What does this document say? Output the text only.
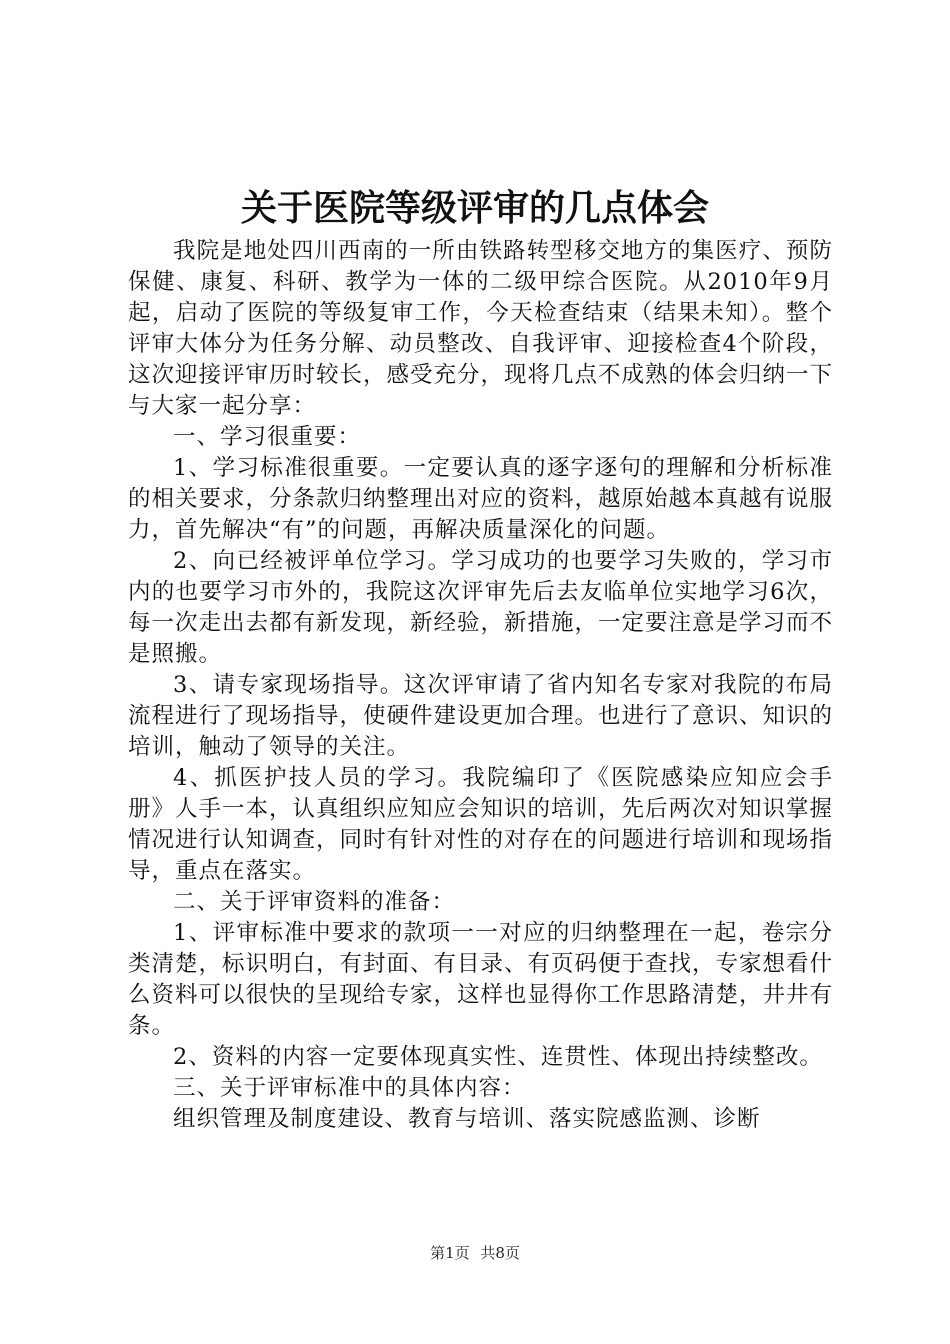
关于医院等级评审的几点体会

我院是地处四川西南的一所由铁路转型移交地方的集医疗、预防保健、康复、科研、教学为一体的二级甲综合医院。从2010年9月起，启动了医院的等级复审工作，今天检查结束（结果未知）。整个评审大体分为任务分解、动员整改、自我评审、迎接检查4个阶段，这次迎接评审历时较长，感受充分，现将几点不成熟的体会归纳一下与大家一起分享：

一、学习很重要：

1、学习标准很重要。一定要认真的逐字逐句的理解和分析标准的相关要求，分条款归纳整理出对应的资料，越原始越本真越有说服力，首先解决“有”的问题，再解决质量深化的问题。

2、向已经被评单位学习。学习成功的也要学习失败的，学习市内的也要学习市外的，我院这次评审先后去友临单位实地学习6次，每一次走出去都有新发现，新经验，新措施，一定要注意是学习而不是照搬。

3、请专家现场指导。这次评审请了省内知名专家对我院的布局流程进行了现场指导，使硬件建设更加合理。也进行了意识、知识的培训，触动了领导的关注。

4、抓医护技人员的学习。我院编印了《医院感染应知应会手册》人手一本，认真组织应知应会知识的培训，先后两次对知识掌握情况进行认知调查，同时有针对性的对存在的问题进行培训和现场指导，重点在落实。

二、关于评审资料的准备：

1、评审标准中要求的款项一一对应的归纳整理在一起，卷宗分类清楚，标识明白，有封面、有目录、有页码便于查找，专家想看什么资料可以很快的呈现给专家，这样也显得你工作思路清楚，井井有条。

2、资料的内容一定要体现真实性、连贯性、体现出持续整改。

三、关于评审标准中的具体内容：

组织管理及制度建设、教育与培训、落实院感监测、诊断

第1页 共8页
